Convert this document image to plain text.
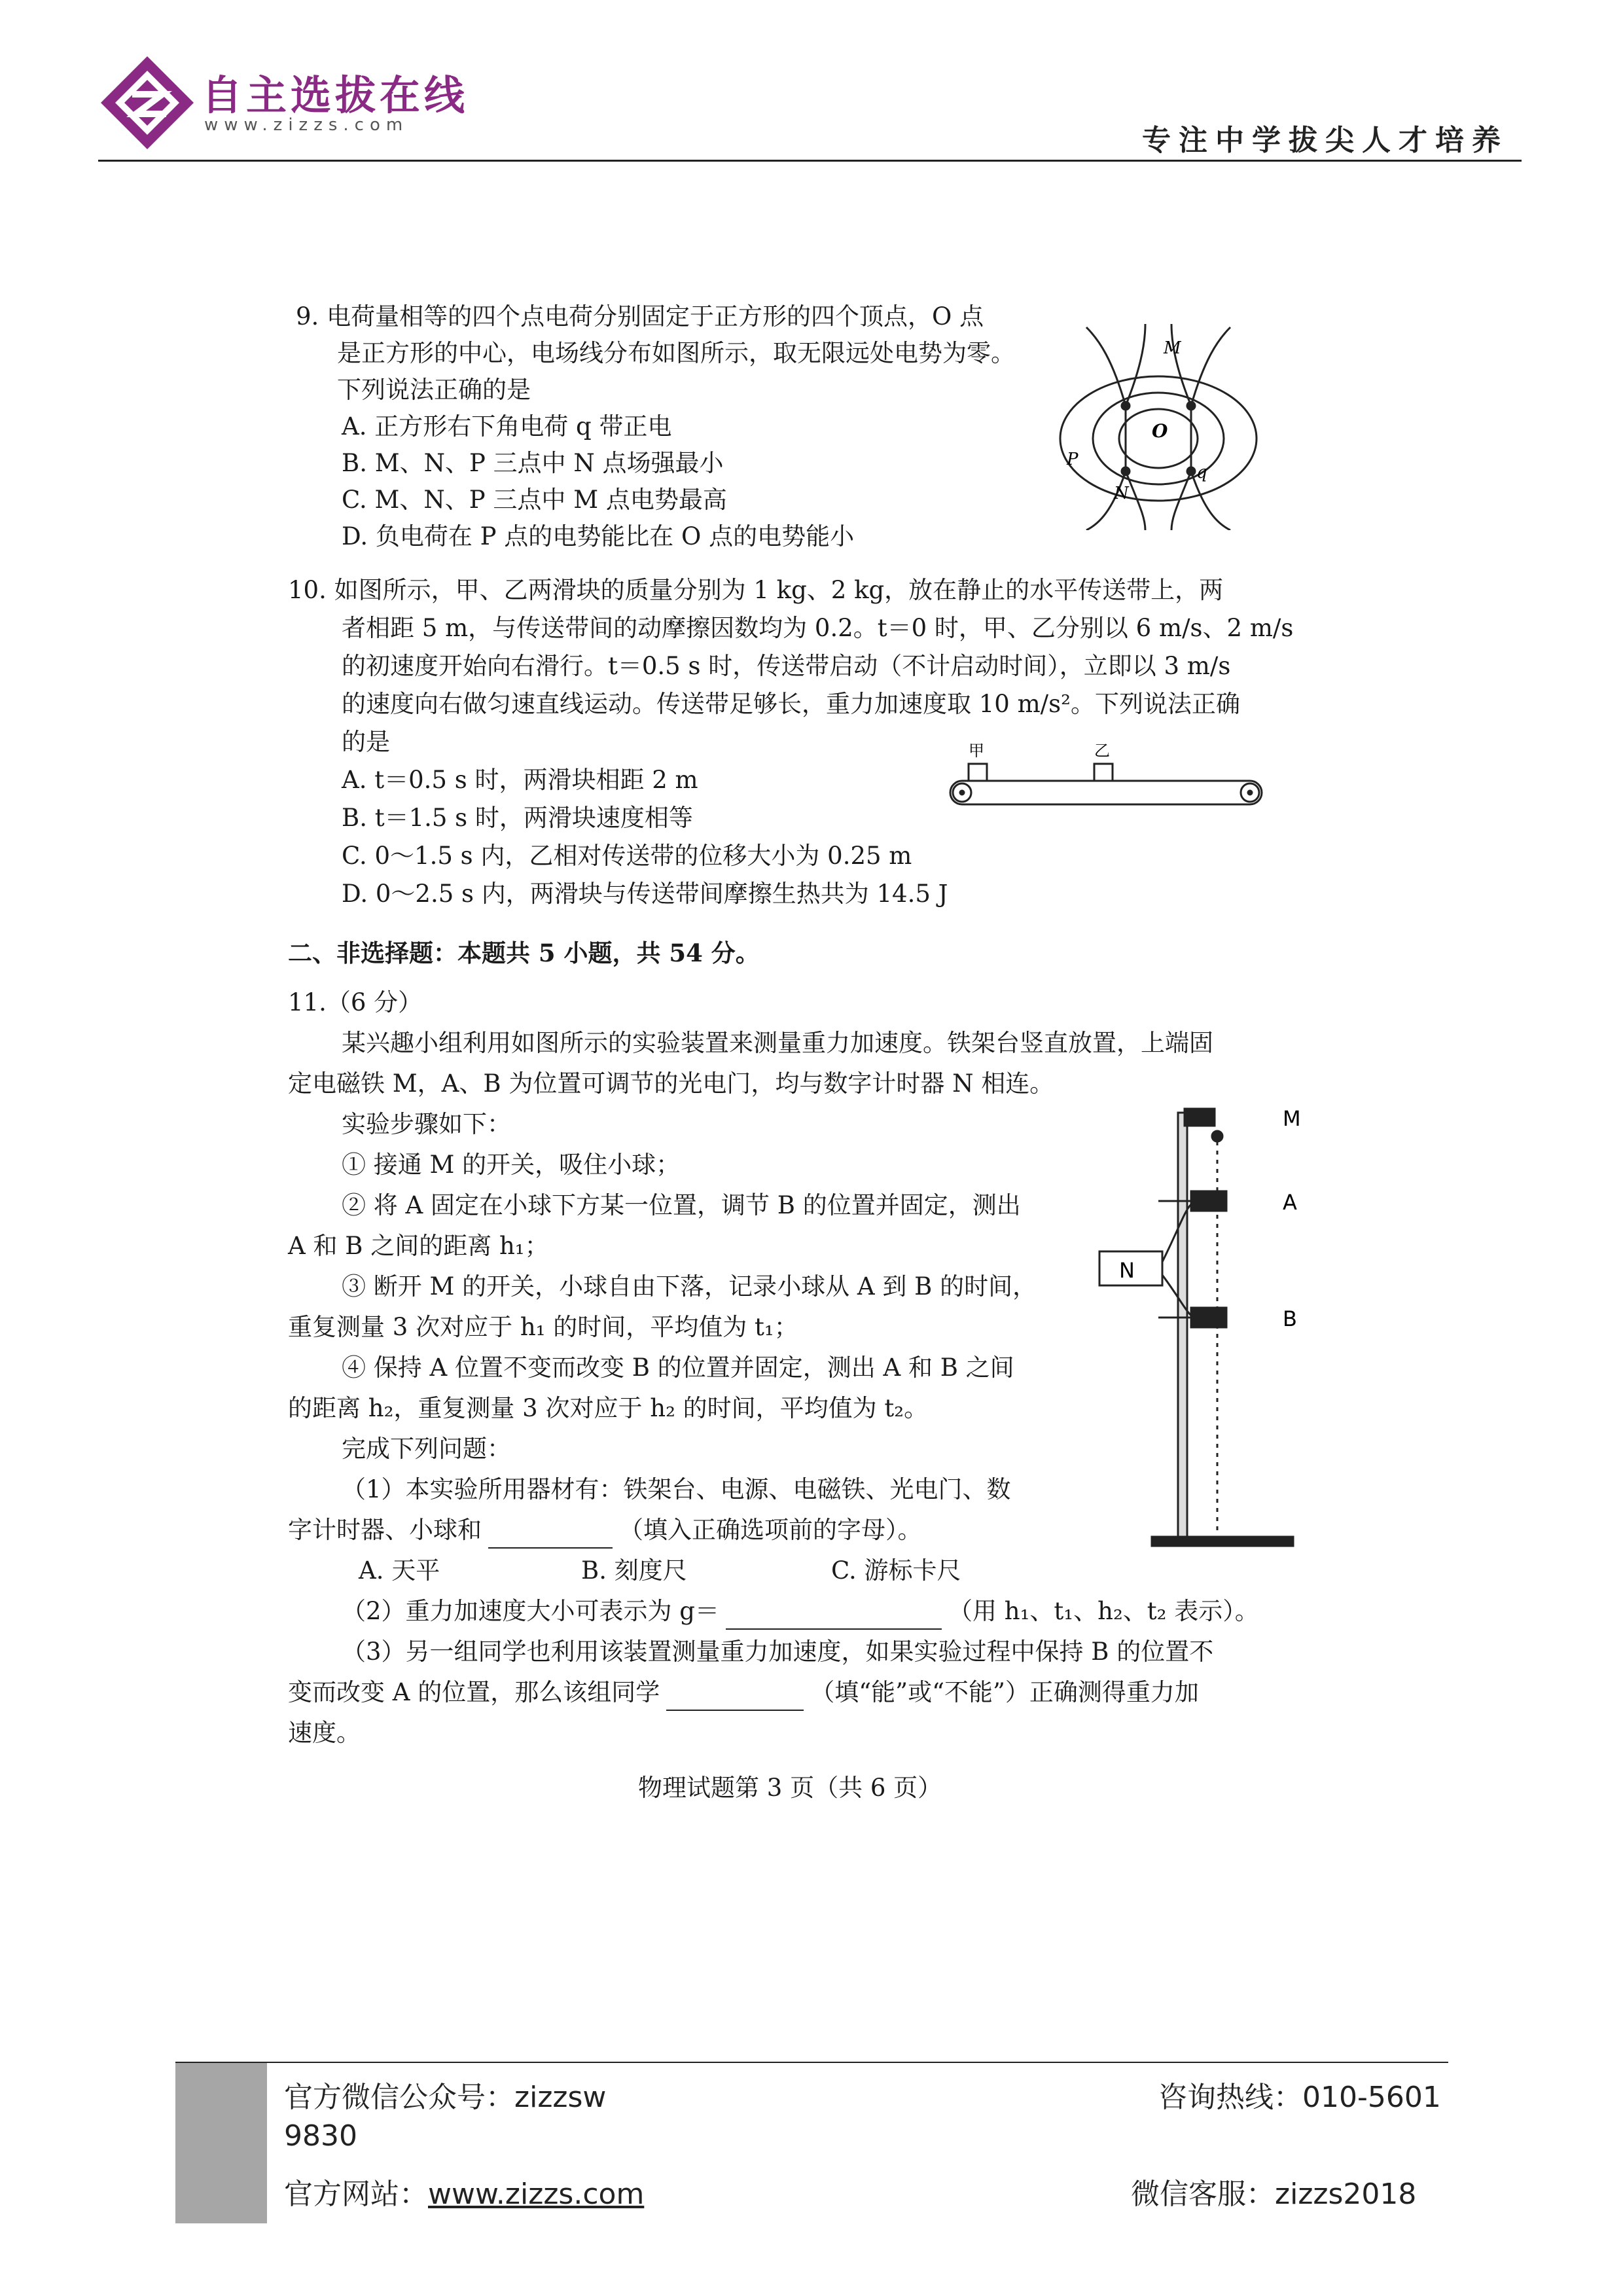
自主选拔在线
www.zizzs.com	专注中学拔尖人才培养
9. 电荷量相等的四个点电荷分别固定于正方形的四个顶点，O 点
是正方形的中心，电场线分布如图所示，取无限远处电势为零。
下列说法正确的是
A. 正方形右下角电荷 q 带正电
B. M、N、P 三点中 N 点场强最小
C. M、N、P 三点中 M 点电势最高
D. 负电荷在 P 点的电势能比在 O 点的电势能小
M
O
P
N
q
10. 如图所示，甲、乙两滑块的质量分别为 1 kg、2 kg，放在静止的水平传送带上，两
者相距 5 m，与传送带间的动摩擦因数均为 0.2。t＝0 时，甲、乙分别以 6 m/s、2 m/s
的初速度开始向右滑行。t＝0.5 s 时，传送带启动（不计启动时间），立即以 3 m/s
的速度向右做匀速直线运动。传送带足够长，重力加速度取 10 m/s²。下列说法正确
的是
A. t＝0.5 s 时，两滑块相距 2 m
B. t＝1.5 s 时，两滑块速度相等
C. 0～1.5 s 内，乙相对传送带的位移大小为 0.25 m
D. 0～2.5 s 内，两滑块与传送带间摩擦生热共为 14.5 J
甲	乙
二、非选择题：本题共 5 小题，共 54 分。
11.（6 分）
某兴趣小组利用如图所示的实验装置来测量重力加速度。铁架台竖直放置，上端固
定电磁铁 M，A、B 为位置可调节的光电门，均与数字计时器 N 相连。
实验步骤如下：
① 接通 M 的开关，吸住小球；
② 将 A 固定在小球下方某一位置，调节 B 的位置并固定，测出
A 和 B 之间的距离 h₁；
③ 断开 M 的开关，小球自由下落，记录小球从 A 到 B 的时间，
重复测量 3 次对应于 h₁ 的时间，平均值为 t₁；
④ 保持 A 位置不变而改变 B 的位置并固定，测出 A 和 B 之间
的距离 h₂，重复测量 3 次对应于 h₂ 的时间，平均值为 t₂。
完成下列问题：
（1）本实验所用器材有：铁架台、电源、电磁铁、光电门、数
字计时器、小球和	（填入正确选项前的字母）。
A. 天平	B. 刻度尺	C. 游标卡尺
（2）重力加速度大小可表示为 g＝	（用 h₁、t₁、h₂、t₂ 表示）。
（3）另一组同学也利用该装置测量重力加速度，如果实验过程中保持 B 的位置不
变而改变 A 的位置，那么该组同学	（填“能”或“不能”）正确测得重力加
速度。
N
M
A
B
物理试题第 3 页（共 6 页）
官方微信公众号：zizzsw	咨询热线：010-5601
9830
官方网站：www.zizzs.com	微信客服：zizzs2018
